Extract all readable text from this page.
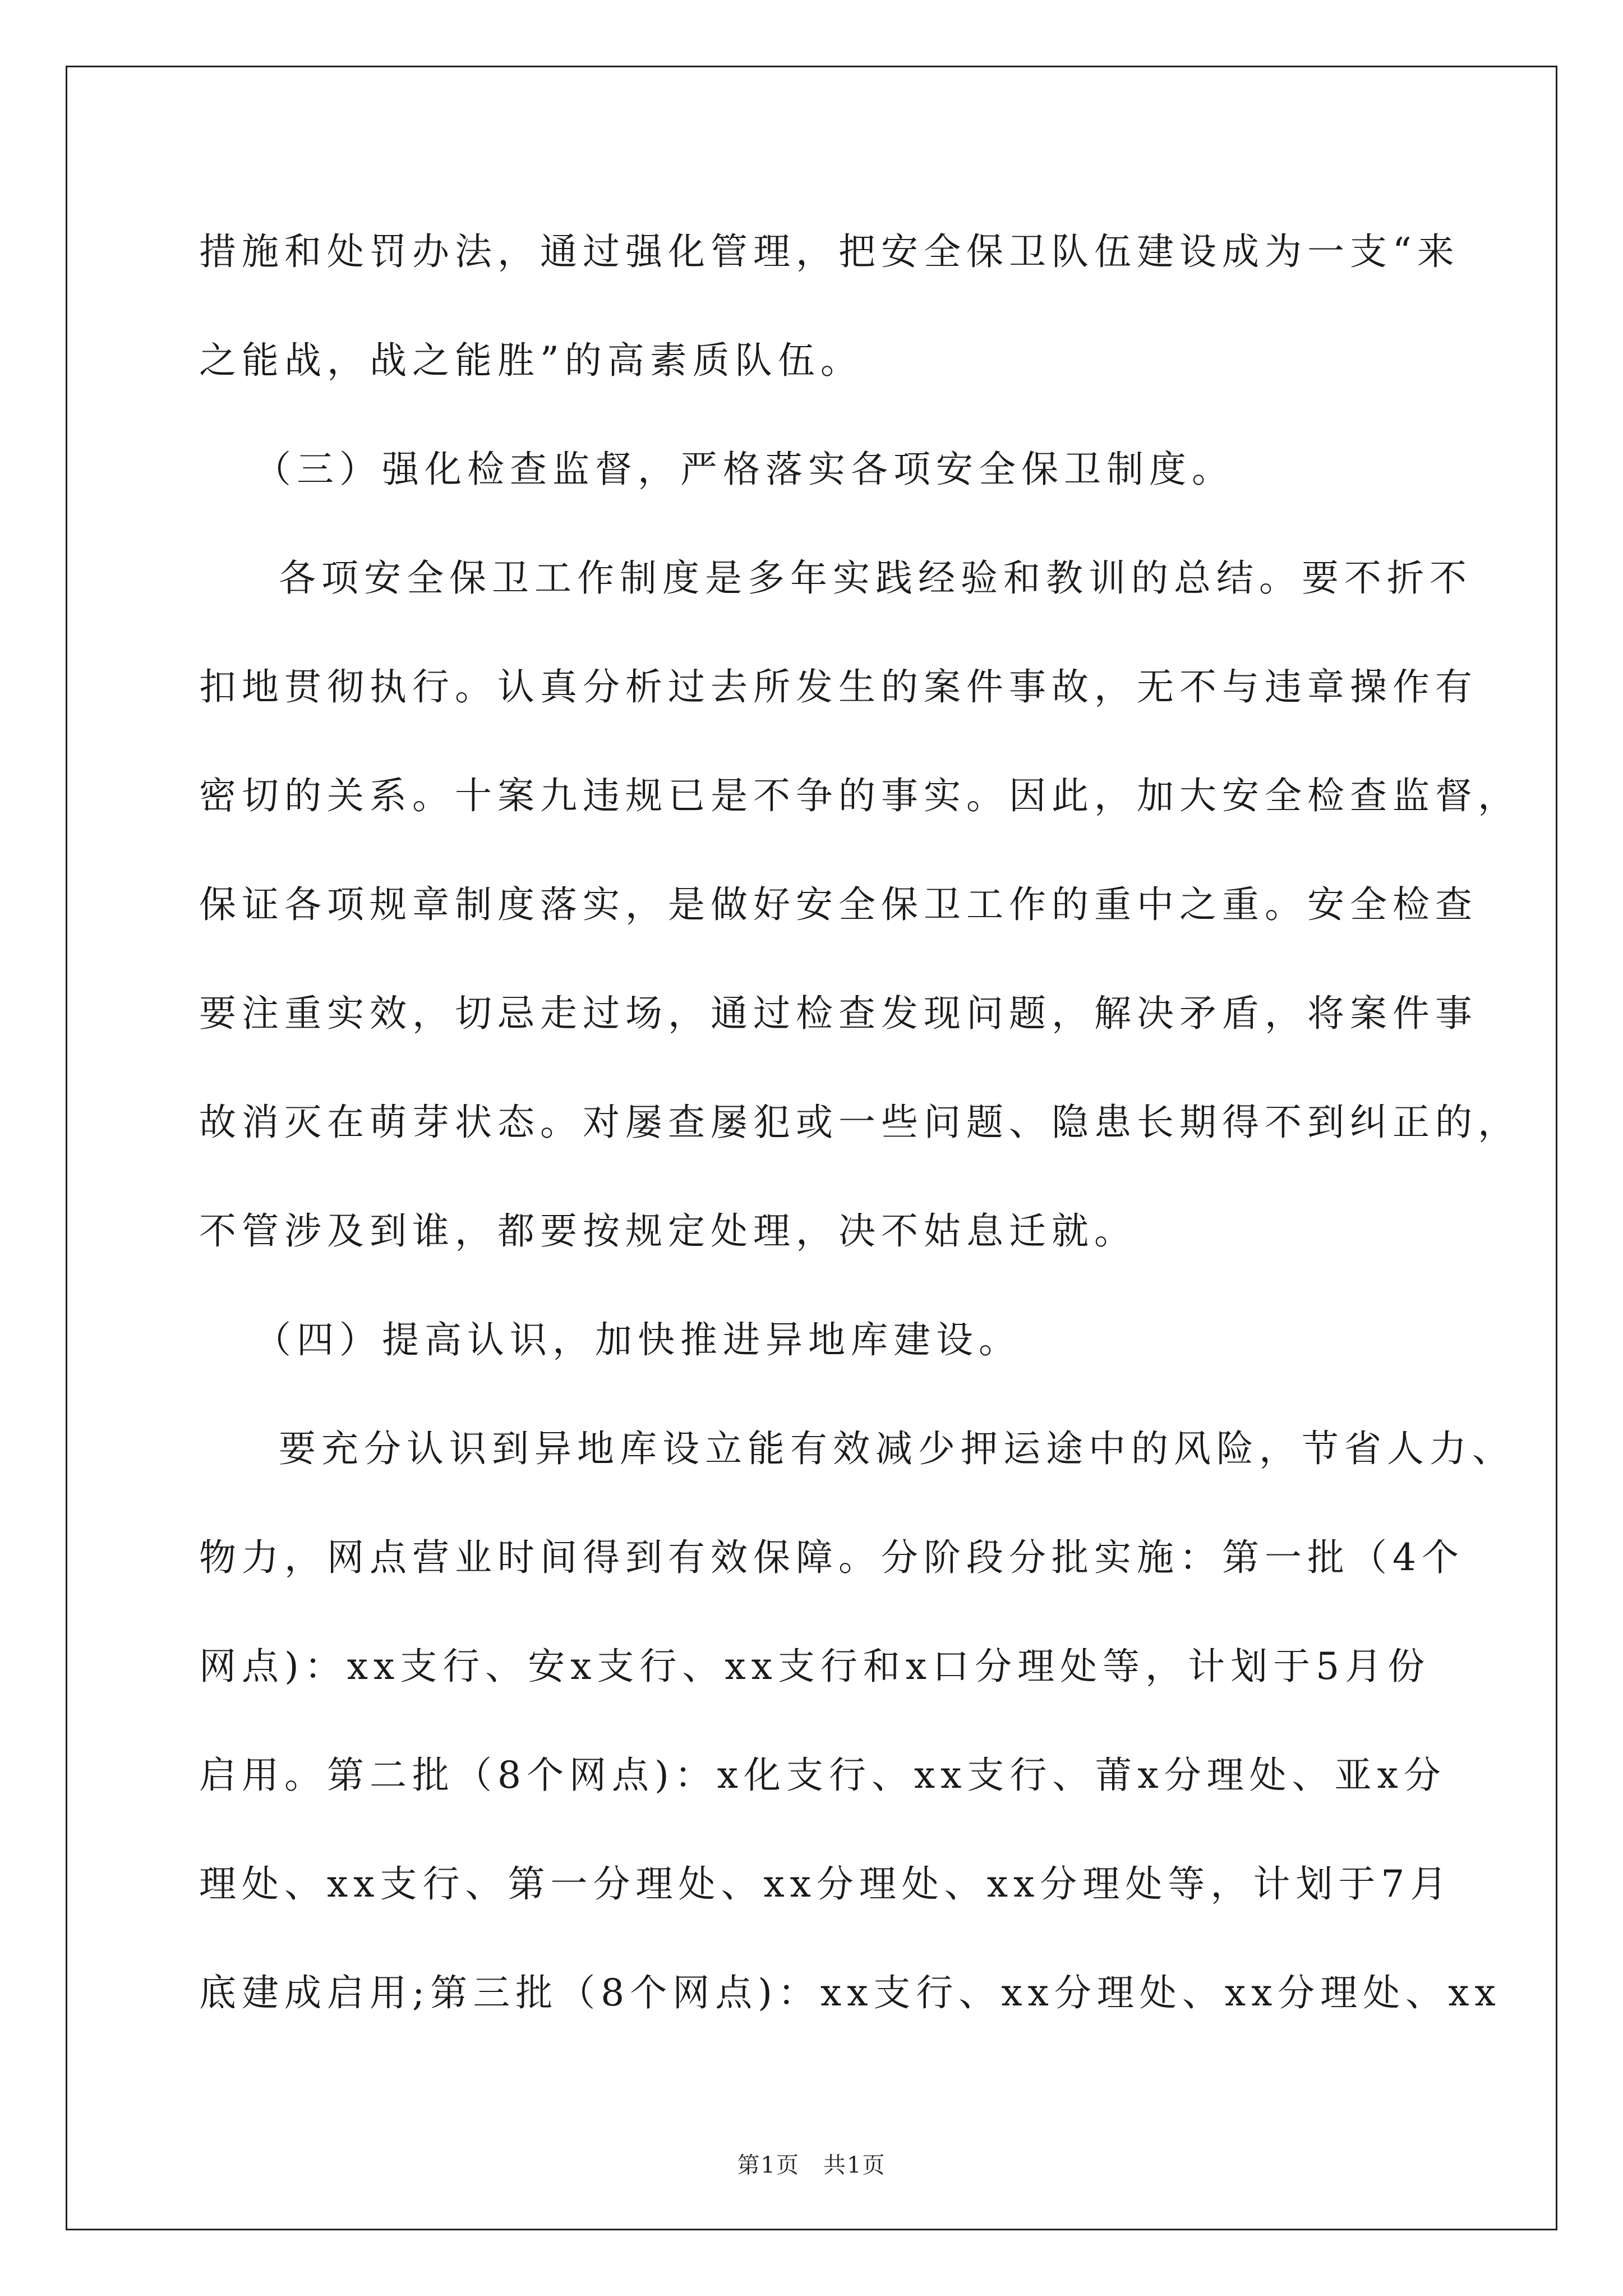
措施和处罚办法，通过强化管理，把安全保卫队伍建设成为一支“来
之能战，战之能胜”的高素质队伍。
（三）强化检查监督，严格落实各项安全保卫制度。
各项安全保卫工作制度是多年实践经验和教训的总结。要不折不
扣地贯彻执行。认真分析过去所发生的案件事故，无不与违章操作有
密切的关系。十案九违规已是不争的事实。因此，加大安全检查监督，
保证各项规章制度落实，是做好安全保卫工作的重中之重。安全检查
要注重实效，切忌走过场，通过检查发现问题，解决矛盾，将案件事
故消灭在萌芽状态。对屡查屡犯或一些问题、隐患长期得不到纠正的，
不管涉及到谁，都要按规定处理，决不姑息迁就。
（四）提高认识，加快推进异地库建设。
要充分认识到异地库设立能有效减少押运途中的风险，节省人力、
物力，网点营业时间得到有效保障。分阶段分批实施：第一批（4个
网点)：xx支行、安x支行、xx支行和x口分理处等，计划于5月份
启用。第二批（8个网点)：x化支行、xx支行、莆x分理处、亚x分
理处、xx支行、第一分理处、xx分理处、xx分理处等，计划于7月
底建成启用;第三批（8个网点)：xx支行、xx分理处、xx分理处、xx
第1页　共1页
